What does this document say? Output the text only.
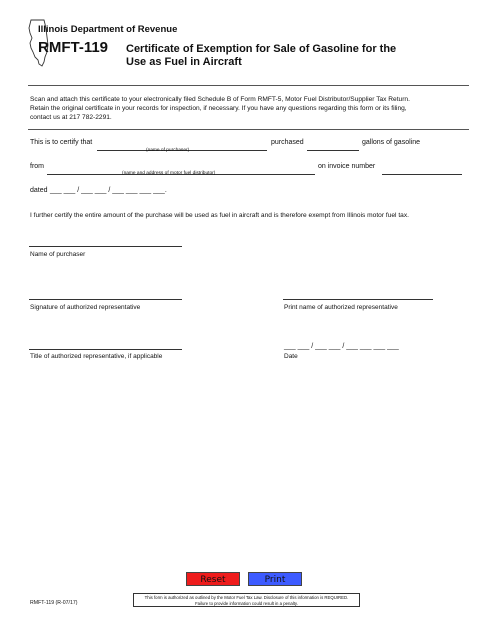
Illinois Department of Revenue
RMFT-119 Certificate of Exemption for Sale of Gasoline for the
Use as Fuel in Aircraft
Scan and attach this certificate to your electronically filed Schedule B of Form RMFT-5, Motor Fuel Distributor/Supplier Tax Return.
Retain the original certificate in your records for inspection, if necessary. If you have any questions regarding this form or its filing,
contact us at 217 782-2291.
This is to certify that	purchased	gallons of gasoline
(name of purchaser)
from	on invoice number
(name and address of motor fuel distributor)
dated ___ ___ / ___ ___ / ___ ___ ___ ___.
I further certify the entire amount of the purchase will be used as fuel in aircraft and is therefore exempt from Illinois motor fuel tax.
Name of purchaser
Signature of authorized representative	Print name of authorized representative
Title of authorized representative, if applicable
___ ___ / ___ ___ / ___ ___ ___ ___
Date
Reset	Print
RMFT-119 (R-07/17)
This form is authorized as outlined by the Motor Fuel Tax Law. Disclosure of this information is REQUIRED.
Failure to provide information could result in a penalty.
